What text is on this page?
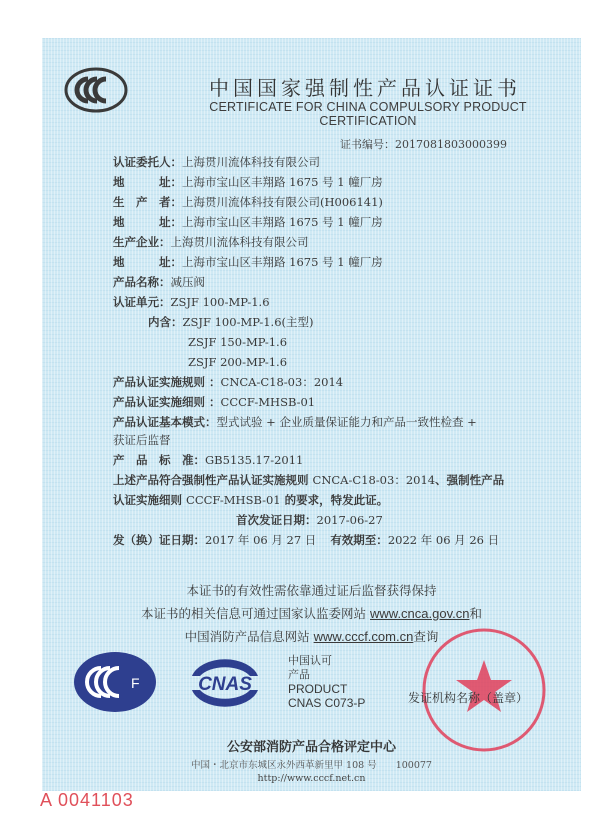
中国国家强制性产品认证证书
CERTIFICATE FOR CHINA COMPULSORY PRODUCT CERTIFICATION
证书编号：2017081803000399
认证委托人：上海贯川流体科技有限公司
地　　　址：上海市宝山区丰翔路 1675 号 1 幢厂房
生　产　者：上海贯川流体科技有限公司(H006141)
地　　　址：上海市宝山区丰翔路 1675 号 1 幢厂房
生产企业：上海贯川流体科技有限公司
地　　　址：上海市宝山区丰翔路 1675 号 1 幢厂房
产品名称：减压阀
认证单元：ZSJF 100-MP-1.6
内含：ZSJF 100-MP-1.6(主型)
ZSJF 150-MP-1.6
ZSJF 200-MP-1.6
产品认证实施规则 ：CNCA-C18-03：2014
产品认证实施细则 ：CCCF-MHSB-01
产品认证基本模式：型式试验 + 企业质量保证能力和产品一致性检查 +
获证后监督
产　品　标　准：GB5135.17-2011
上述产品符合强制性产品认证实施规则 CNCA-C18-03：2014、强制性产品
认证实施细则 CCCF-MHSB-01 的要求，特发此证。
首次发证日期：2017-06-27
发（换）证日期：2017 年 06 月 27 日 有效期至：2022 年 06 月 26 日
本证书的有效性需依靠通过证后监督获得保持
本证书的相关信息可通过国家认监委网站 www.cnca.gov.cn和
中国消防产品信息网站 www.cccf.com.cn查询
F	CNAS
中国认可
产品
PRODUCT
CNAS C073-P	发证机构名称（盖章）
公安部消防产品合格评定中心
中国・北京市东城区永外西革新里甲 108 号　　100077
http://www.cccf.net.cn
A 0041103
